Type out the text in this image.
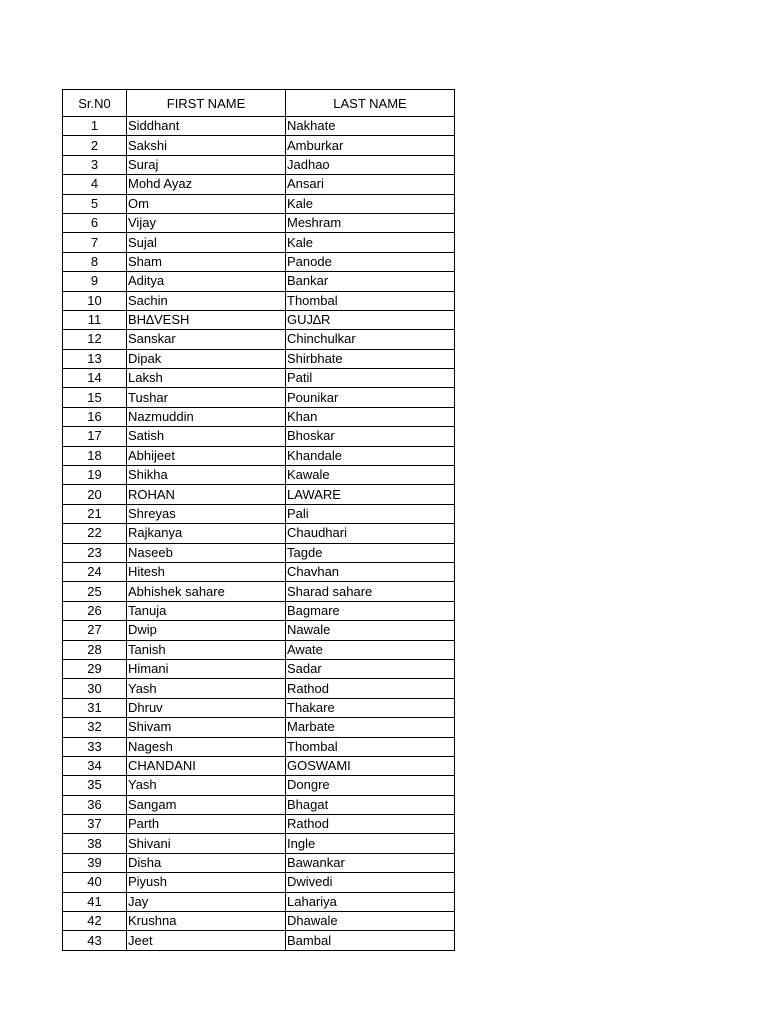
Sr.N0	FIRST NAME	LAST NAME
1	Siddhant	Nakhate
2	Sakshi	Amburkar
3	Suraj	Jadhao
4	Mohd Ayaz	Ansari
5	Om	Kale
6	Vijay	Meshram
7	Sujal	Kale
8	Sham	Panode
9	Aditya	Bankar
10	Sachin	Thombal
11	BH∆VESH	GUJ∆R
12	Sanskar	Chinchulkar
13	Dipak	Shirbhate
14	Laksh	Patil
15	Tushar	Pounikar
16	Nazmuddin	Khan
17	Satish	Bhoskar
18	Abhijeet	Khandale
19	Shikha	Kawale
20	ROHAN	LAWARE
21	Shreyas	Pali
22	Rajkanya	Chaudhari
23	Naseeb	Tagde
24	Hitesh	Chavhan
25	Abhishek sahare	Sharad sahare
26	Tanuja	Bagmare
27	Dwip	Nawale
28	Tanish	Awate
29	Himani	Sadar
30	Yash	Rathod
31	Dhruv	Thakare
32	Shivam	Marbate
33	Nagesh	Thombal
34	CHANDANI	GOSWAMI
35	Yash	Dongre
36	Sangam	Bhagat
37	Parth	Rathod
38	Shivani	Ingle
39	Disha	Bawankar
40	Piyush	Dwivedi
41	Jay	Lahariya
42	Krushna	Dhawale
43	Jeet	Bambal
